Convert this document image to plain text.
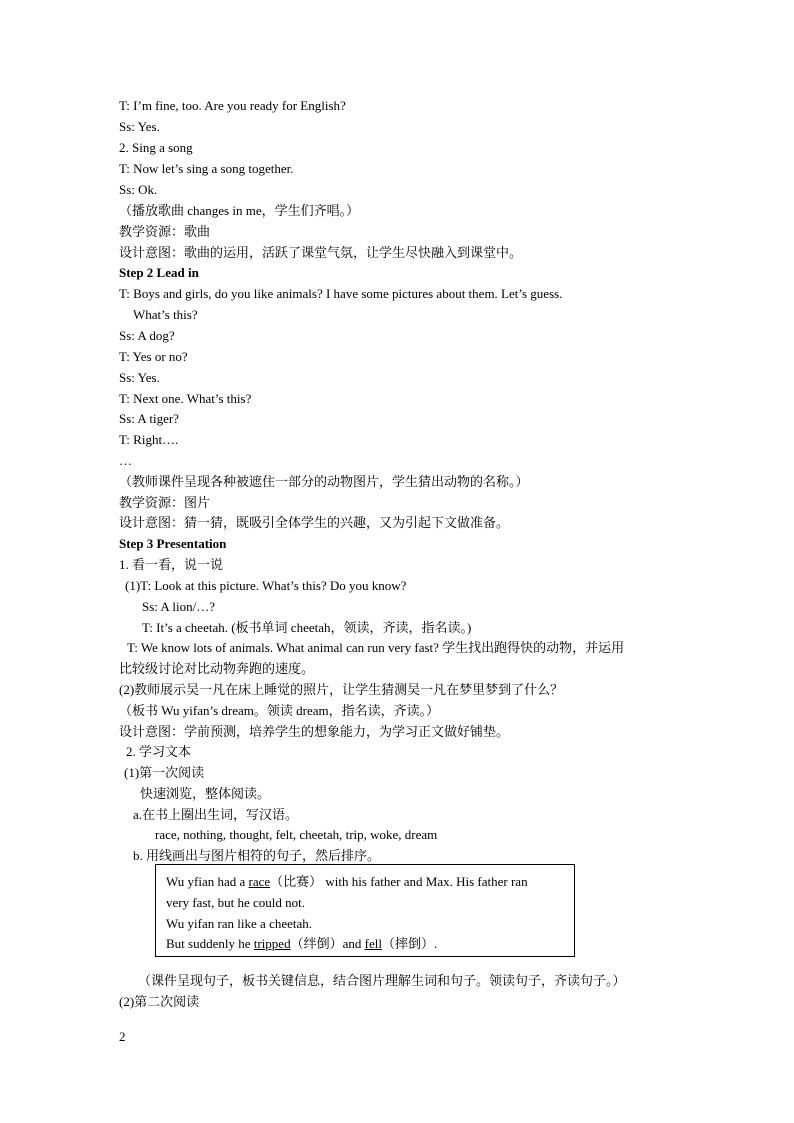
T: I’m fine, too. Are you ready for English?
Ss: Yes.
2. Sing a song
T: Now let’s sing a song together.
Ss: Ok.
（播放歌曲 changes in me，学生们齐唱。）
教学资源：歌曲
设计意图：歌曲的运用，活跃了课堂气氛，让学生尽快融入到课堂中。
Step 2 Lead in
T: Boys and girls, do you like animals? I have some pictures about them. Let’s guess.
What’s this?
Ss: A dog?
T: Yes or no?
Ss: Yes.
T: Next one. What’s this?
Ss: A tiger?
T: Right….
…
（教师课件呈现各种被遮住一部分的动物图片，学生猜出动物的名称。）
教学资源：图片
设计意图：猜一猜，既吸引全体学生的兴趣，又为引起下文做准备。
Step 3 Presentation
1. 看一看，说一说
(1)T: Look at this picture. What’s this? Do you know?
Ss: A lion/…?
T: It’s a cheetah. (板书单词 cheetah，领读，齐读，指名读。)
T: We know lots of animals. What animal can run very fast? 学生找出跑得快的动物，并运用
比较级讨论对比动物奔跑的速度。
(2)教师展示吴一凡在床上睡觉的照片，让学生猜测吴一凡在梦里梦到了什么？
（板书 Wu yifan’s dream。领读 dream，指名读，齐读。）
设计意图：学前预测，培养学生的想象能力，为学习正文做好铺垫。
2. 学习文本
(1)第一次阅读
快速浏览，整体阅读。
a.在书上圈出生词，写汉语。
race, nothing, thought, felt, cheetah, trip, woke, dream
b. 用线画出与图片相符的句子，然后排序。
Wu yfian had a race（比赛） with his father and Max. His father ran
very fast, but he could not.
Wu yifan ran like a cheetah.
But suddenly he tripped（绊倒）and fell（摔倒）.
（课件呈现句子，板书关键信息，结合图片理解生词和句子。领读句子，齐读句子。）
(2)第二次阅读
2
